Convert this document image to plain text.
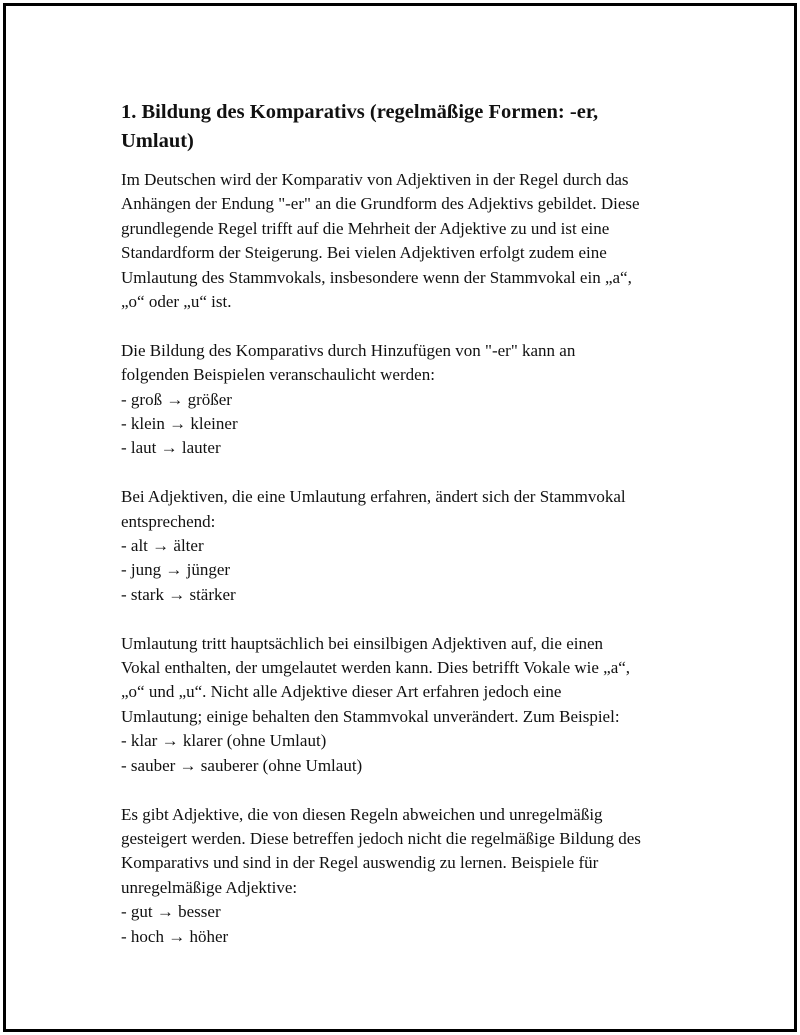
1. Bildung des Komparativs (regelmäßige Formen: -er,
Umlaut)
Im Deutschen wird der Komparativ von Adjektiven in der Regel durch das
Anhängen der Endung "-er" an die Grundform des Adjektivs gebildet. Diese
grundlegende Regel trifft auf die Mehrheit der Adjektive zu und ist eine
Standardform der Steigerung. Bei vielen Adjektiven erfolgt zudem eine
Umlautung des Stammvokals, insbesondere wenn der Stammvokal ein „a“,
„o“ oder „u“ ist.
Die Bildung des Komparativs durch Hinzufügen von "-er" kann an
folgenden Beispielen veranschaulicht werden:
- groß → größer
- klein → kleiner
- laut → lauter
Bei Adjektiven, die eine Umlautung erfahren, ändert sich der Stammvokal
entsprechend:
- alt → älter
- jung → jünger
- stark → stärker
Umlautung tritt hauptsächlich bei einsilbigen Adjektiven auf, die einen
Vokal enthalten, der umgelautet werden kann. Dies betrifft Vokale wie „a“,
„o“ und „u“. Nicht alle Adjektive dieser Art erfahren jedoch eine
Umlautung; einige behalten den Stammvokal unverändert. Zum Beispiel:
- klar → klarer (ohne Umlaut)
- sauber → sauberer (ohne Umlaut)
Es gibt Adjektive, die von diesen Regeln abweichen und unregelmäßig
gesteigert werden. Diese betreffen jedoch nicht die regelmäßige Bildung des
Komparativs und sind in der Regel auswendig zu lernen. Beispiele für
unregelmäßige Adjektive:
- gut → besser
- hoch → höher
